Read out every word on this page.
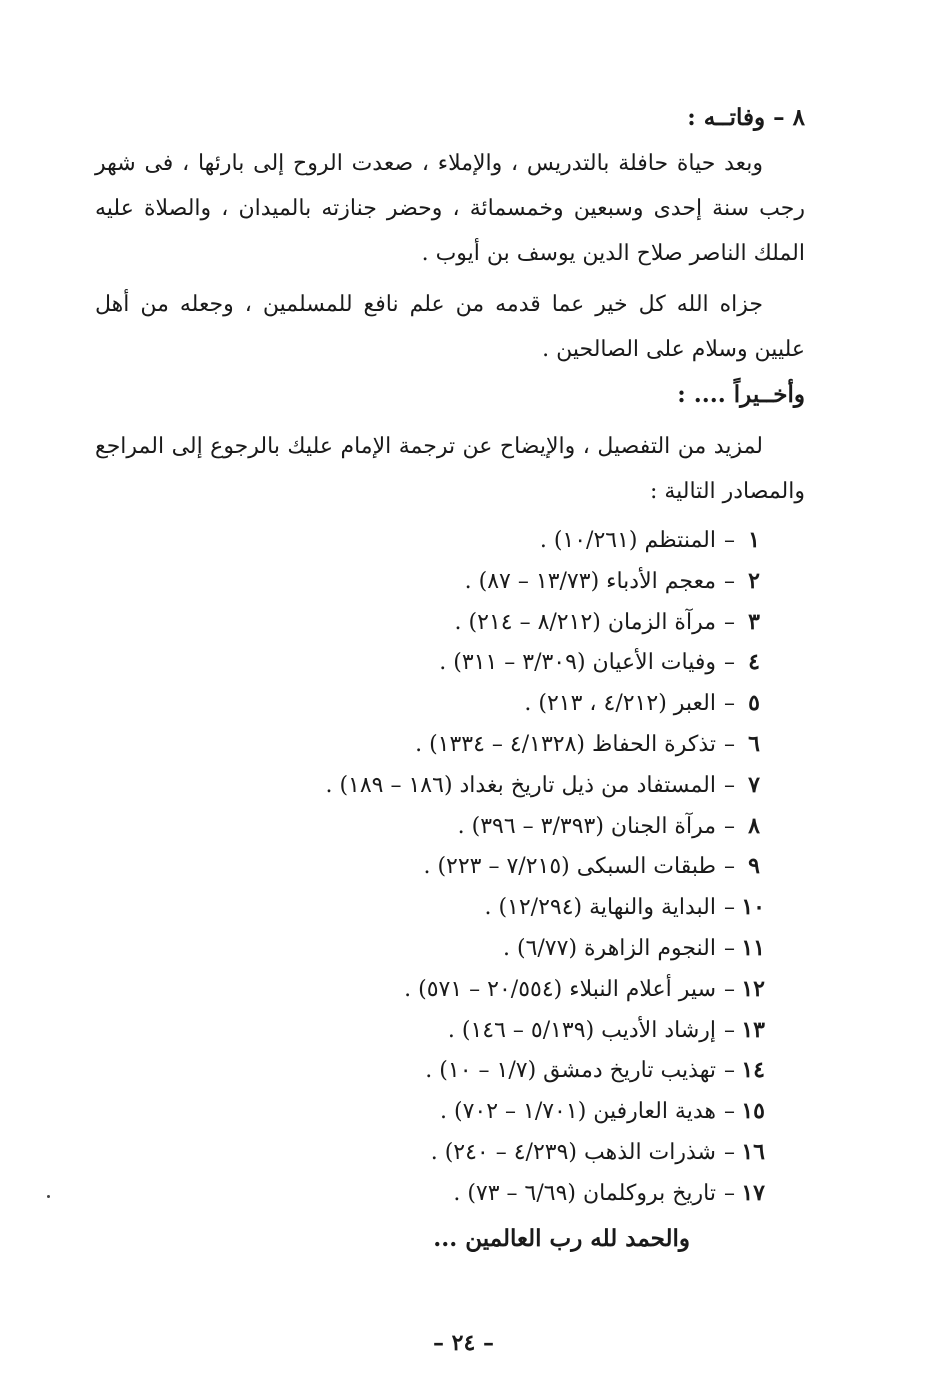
٨ – وفاتــه :

وبعد حياة حافلة بالتدريس ، والإملاء ، صعدت الروح إلى بارئها ، فى شهر رجب سنة إحدى وسبعين وخمسمائة ، وحضر جنازته بالميدان ، والصلاة عليه الملك الناصر صلاح الدين يوسف بن أيوب .

جزاه الله كل خير عما قدمه من علم نافع للمسلمين ، وجعله من أهل عليين وسلام على الصالحين .

وأخــيراً .... :

لمزيد من التفصيل ، والإيضاح عن ترجمة الإمام عليك بالرجوع إلى المراجع والمصادر التالية :

١–المنتظم (١٠/٢٦١) .
٢–معجم الأدباء (١٣/٧٣ – ٨٧) .
٣–مرآة الزمان (٨/٢١٢ – ٢١٤) .
٤–وفيات الأعيان (٣/٣٠٩ – ٣١١) .
٥–العبر (٤/٢١٢ ، ٢١٣) .
٦–تذكرة الحفاظ (٤/١٣٢٨ – ١٣٣٤) .
٧–المستفاد من ذيل تاريخ بغداد (١٨٦ – ١٨٩) .
٨–مرآة الجنان (٣/٣٩٣ – ٣٩٦) .
٩–طبقات السبكى (٧/٢١٥ – ٢٢٣) .
١٠–البداية والنهاية (١٢/٢٩٤) .
١١–النجوم الزاهرة (٦/٧٧) .
١٢–سير أعلام النبلاء (٢٠/٥٥٤ – ٥٧١) .
١٣–إرشاد الأديب (٥/١٣٩ – ١٤٦) .
١٤–تهذيب تاريخ دمشق (١/٧ – ١٠) .
١٥–هدية العارفين (١/٧٠١ – ٧٠٢) .
١٦–شذرات الذهب (٤/٢٣٩ – ٢٤٠) .
١٧–تاريخ بروكلمان (٦/٦٩ – ٧٣) .
والحمد لله رب العالمين ...
– ٢٤ –
